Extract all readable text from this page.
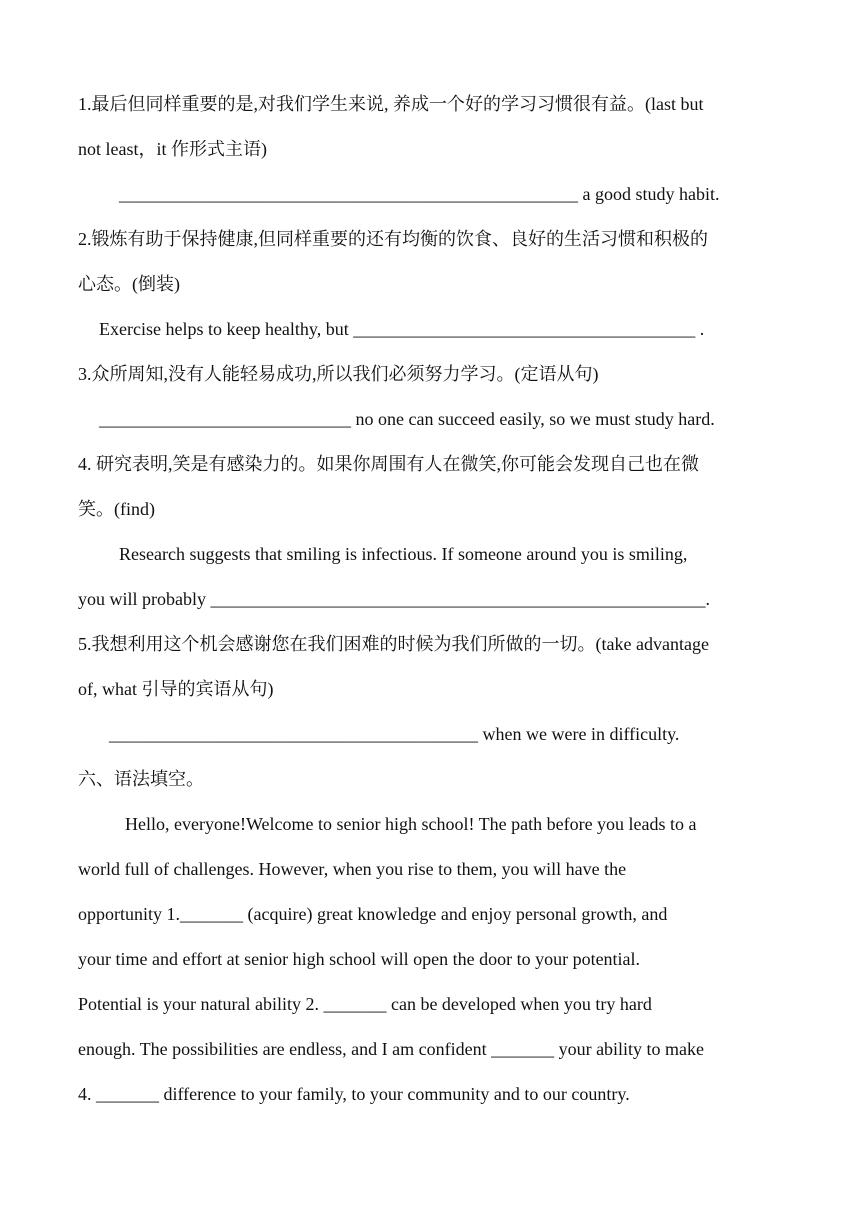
1.最后但同样重要的是,对我们学生来说, 养成一个好的学习习惯很有益。(last but
not least，it 作形式主语)
___________________________________________________ a good study habit.
2.锻炼有助于保持健康,但同样重要的还有均衡的饮食、良好的生活习惯和积极的
心态。(倒装)
Exercise helps to keep healthy, but ______________________________________ .
3.众所周知,没有人能轻易成功,所以我们必须努力学习。(定语从句)
____________________________ no one can succeed easily, so we must study hard.
4. 研究表明,笑是有感染力的。如果你周围有人在微笑,你可能会发现自己也在微
笑。(find)
Research suggests that smiling is infectious. If someone around you is smiling,
you will probably _______________________________________________________.
5.我想利用这个机会感谢您在我们困难的时候为我们所做的一切。(take advantage
of, what 引导的宾语从句)
_________________________________________ when we were in difficulty.
六、语法填空。
Hello, everyone!Welcome to senior high school! The path before you leads to a
world full of challenges. However, when you rise to them, you will have the
opportunity 1._______ (acquire) great knowledge and enjoy personal growth, and
your time and effort at senior high school will open the door to your potential.
Potential is your natural ability 2. _______ can be developed when you try hard
enough. The possibilities are endless, and I am confident _______ your ability to make
4. _______ difference to your family, to your community and to our country.
